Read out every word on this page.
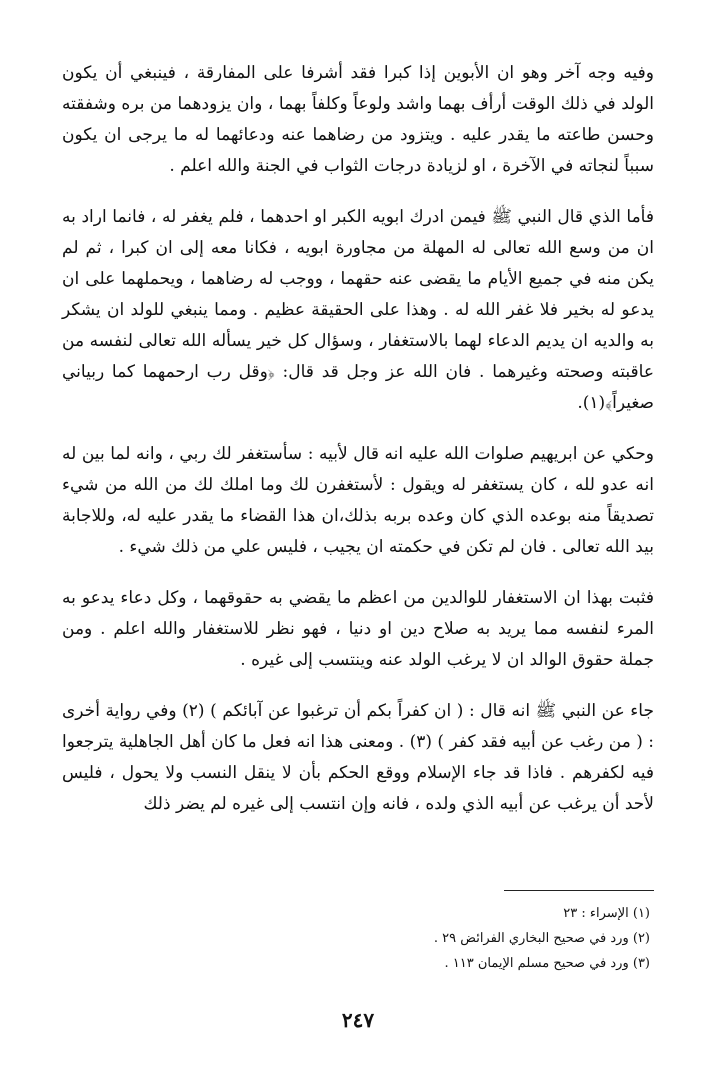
وفيه وجه آخر وهو ان الأبوين إذا كبرا فقد أشرفا على المفارقة ، فينبغي أن يكون الولد في ذلك الوقت أرأف بهما واشد ولوعاً وكلفاً بهما ، وان يزودهما من بره وشفقته وحسن طاعته ما يقدر عليه . ويتزود من رضاهما عنه ودعائهما له ما يرجى ان يكون سبباً لنجاته في الآخرة ، او لزيادة درجات الثواب في الجنة والله اعلم .

فأما الذي قال النبي ﷺ فيمن ادرك ابويه الكبر او احدهما ، فلم يغفر له ، فانما اراد به ان من وسع الله تعالى له المهلة من مجاورة ابويه ، فكانا معه إلى ان كبرا ، ثم لم يكن منه في جميع الأيام ما يقضى عنه حقهما ، ووجب له رضاهما ، ويحملهما على ان يدعو له بخير فلا غفر الله له . وهذا على الحقيقة عظيم . ومما ينبغي للولد ان يشكر به والديه ان يديم الدعاء لهما بالاستغفار ، وسؤال كل خير يسأله الله تعالى لنفسه من عاقبته وصحته وغيرهما . فان الله عز وجل قد قال: ﴿وقل رب ارحمهما كما ربياني صغيراً﴾(١).

وحكي عن ابريهيم صلوات الله عليه انه قال لأبيه : سأستغفر لك ربي ، وانه لما بين له انه عدو لله ، كان يستغفر له ويقول : لأستغفرن لك وما املك لك من الله من شيء تصديقاً منه بوعده الذي كان وعده بربه بذلك،ان هذا القضاء ما يقدر عليه له، وللاجابة بيد الله تعالى . فان لم تكن في حكمته ان يجيب ، فليس علي من ذلك شيء .

فثبت بهذا ان الاستغفار للوالدين من اعظم ما يقضي به حقوقهما ، وكل دعاء يدعو به المرء لنفسه مما يريد به صلاح دين او دنيا ، فهو نظر للاستغفار والله اعلم . ومن جملة حقوق الوالد ان لا يرغب الولد عنه وينتسب إلى غيره .

جاء عن النبي ﷺ انه قال : ( ان كفراً بكم أن ترغبوا عن آبائكم ) (٢) وفي رواية أخرى : ( من رغب عن أبيه فقد كفر ) (٣) . ومعنى هذا انه فعل ما كان أهل الجاهلية يترجعوا فيه لكفرهم . فاذا قد جاء الإسلام ووقع الحكم بأن لا ينقل النسب ولا يحول ، فليس لأحد أن يرغب عن أبيه الذي ولده ، فانه وإن انتسب إلى غيره لم يضر ذلك

(١) الإسراء : ٢٣
(٢) ورد في صحيح البخاري الفرائض ٢٩ .
(٣) ورد في صحيح مسلم الإيمان ١١٣ .
٢٤٧
